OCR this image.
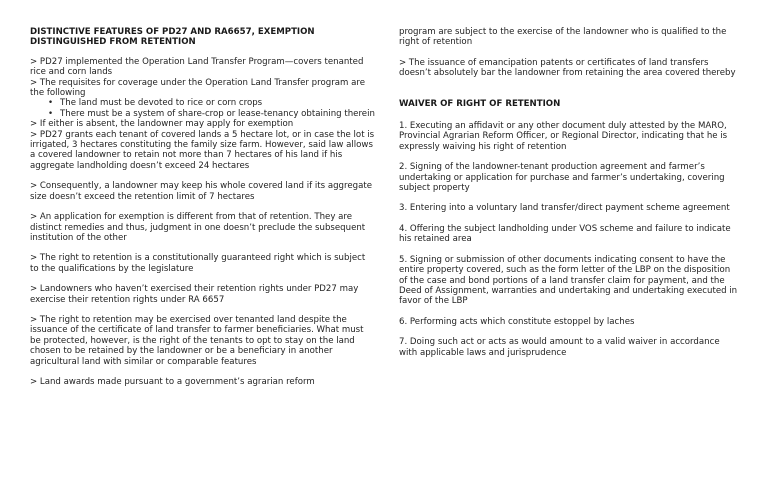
DISTINCTIVE FEATURES OF PD27 AND RA6657, EXEMPTION DISTINGUISHED FROM RETENTION
> PD27 implemented the Operation Land Transfer Program—covers tenanted rice and corn lands
> The requisites for coverage under the Operation Land Transfer program are the following
• The land must be devoted to rice or corn crops
• There must be a system of share-crop or lease-tenancy obtaining therein
> If either is absent, the landowner may apply for exemption
> PD27 grants each tenant of covered lands a 5 hectare lot, or in case the lot is irrigated, 3 hectares constituting the family size farm. However, said law allows a covered landowner to retain not more than 7 hectares of his land if his aggregate landholding doesn’t exceed 24 hectares
> Consequently, a landowner may keep his whole covered land if its aggregate size doesn’t exceed the retention limit of 7 hectares
> An application for exemption is different from that of retention. They are distinct remedies and thus, judgment in one doesn’t preclude the subsequent institution of the other
> The right to retention is a constitutionally guaranteed right which is subject to the qualifications by the legislature
> Landowners who haven’t exercised their retention rights under PD27 may exercise their retention rights under RA 6657
> The right to retention may be exercised over tenanted land despite the issuance of the certificate of land transfer to farmer beneficiaries. What must be protected, however, is the right of the tenants to opt to stay on the land chosen to be retained by the landowner or be a beneficiary in another agricultural land with similar or comparable features
> Land awards made pursuant to a government’s agrarian reform
program are subject to the exercise of the landowner who is qualified to the right of retention
> The issuance of emancipation patents or certificates of land transfers doesn’t absolutely bar the landowner from retaining the area covered thereby
WAIVER OF RIGHT OF RETENTION
1. Executing an affidavit or any other document duly attested by the MARO, Provincial Agrarian Reform Officer, or Regional Director, indicating that he is expressly waiving his right of retention
2. Signing of the landowner-tenant production agreement and farmer’s undertaking or application for purchase and farmer’s undertaking, covering subject property
3. Entering into a voluntary land transfer/direct payment scheme agreement
4. Offering the subject landholding under VOS scheme and failure to indicate his retained area
5. Signing or submission of other documents indicating consent to have the entire property covered, such as the form letter of the LBP on the disposition of the case and bond portions of a land transfer claim for payment, and the Deed of Assignment, warranties and undertaking and undertaking executed in favor of the LBP
6. Performing acts which constitute estoppel by laches
7. Doing such act or acts as would amount to a valid waiver in accordance with applicable laws and jurisprudence
